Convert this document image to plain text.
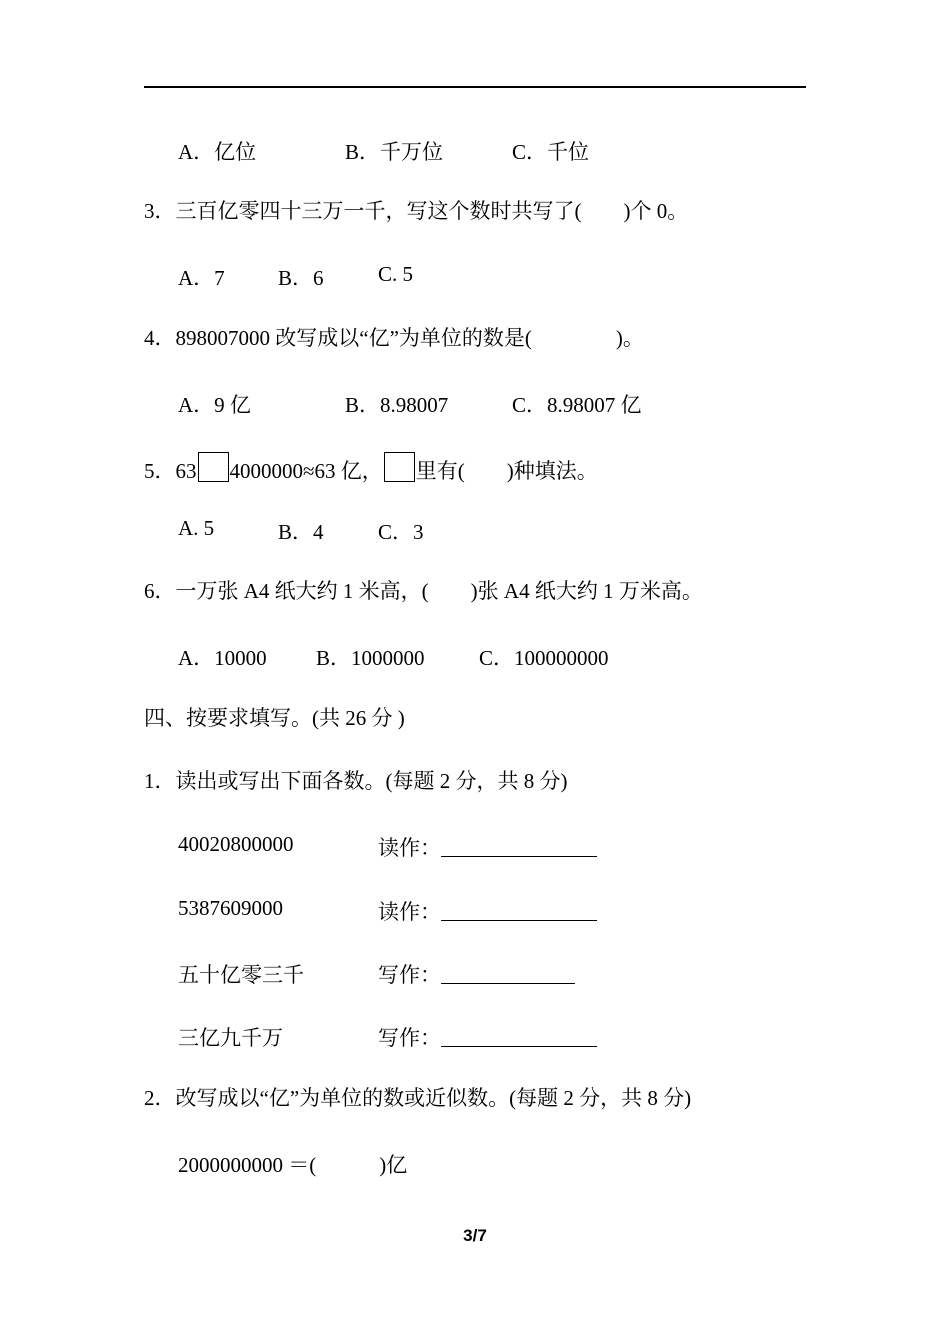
A．亿位	B．千万位	C．千位
3．三百亿零四十三万一千，写这个数时共写了(　　)个 0。
A．7	B．6	C. 5
4．898007000 改写成以“亿”为单位的数是(　　　　)。
A．9 亿	B．8.98007	C．8.98007 亿
5．63 4000000≈63 亿， 里有(　　)种填法。
A. 5	B．4	C．3
6．一万张 A4 纸大约 1 米高，(　　)张 A4 纸大约 1 万米高。
A．10000 B．1000000	C．100000000
四、按要求填写。(共 26 分 )
1．读出或写出下面各数。(每题 2 分，共 8 分)
40020800000	读作：
5387609000	读作：
五十亿零三千	写作：
三亿九千万	写作：
2．改写成以“亿”为单位的数或近似数。(每题 2 分，共 8 分)
2000000000 ＝(　　　)亿
3/7
